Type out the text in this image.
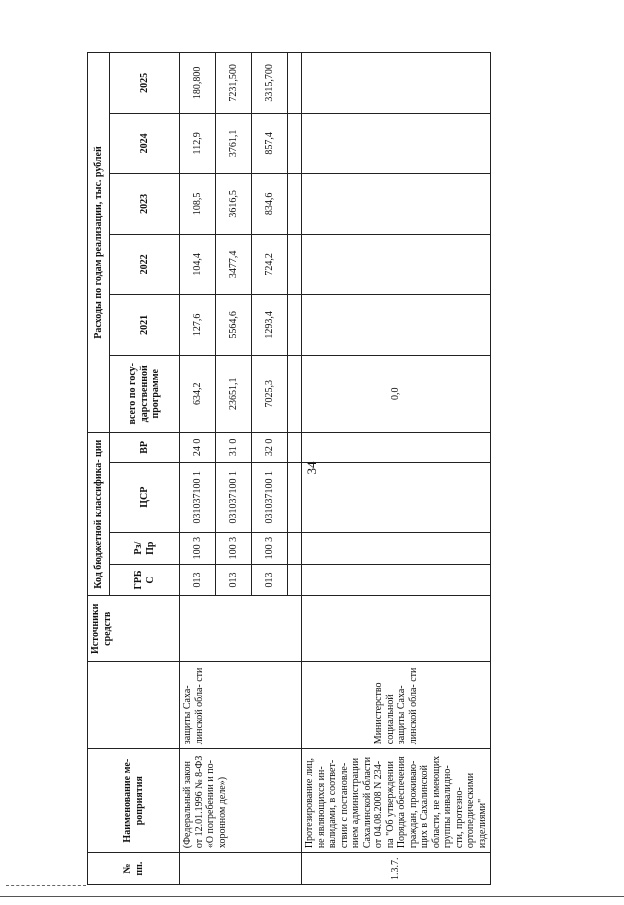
34
№ пп.	Наименование ме- роприятия		Источники средств	Код бюджетной классифика- ции				Расходы по годам реализации, тыс. рублей					
				ГРБ С	Рз/ Пр	ЦСР	ВР	всего по госу- дарственной программе	2021	2022	2023	2024	2025
	(Федеральный закон от 12.01.1996 № 8-ФЗ «О погребении и по- хоронном деле»)	защиты Саха- линской обла- сти		013	100 3	031037100 1	24 0	634,2	127,6	104,4	108,5	112,9	180,800
				013	100 3	031037100 1	31 0	23651,1	5564,6	3477,4	3616,5	3761,1	7231,500
				013	100 3	031037100 1	32 0	7025,3	1293,4	724,2	834,6	857,4	3315,700

1.3.7.	Протезирование лиц, не являющихся ин- валидами, в соответ- ствии с постановле- нием администрации Сахалинской области от 04.08.2008 N 234- па "Об утверждении Порядка обеспечения граждан, проживаю- щих в Сахалинской области, не имеющих группы инвалидно- сти, протезно- ортопедическими изделиями"	Министерство социальной защиты Саха- линской обла- сти						0,0					
